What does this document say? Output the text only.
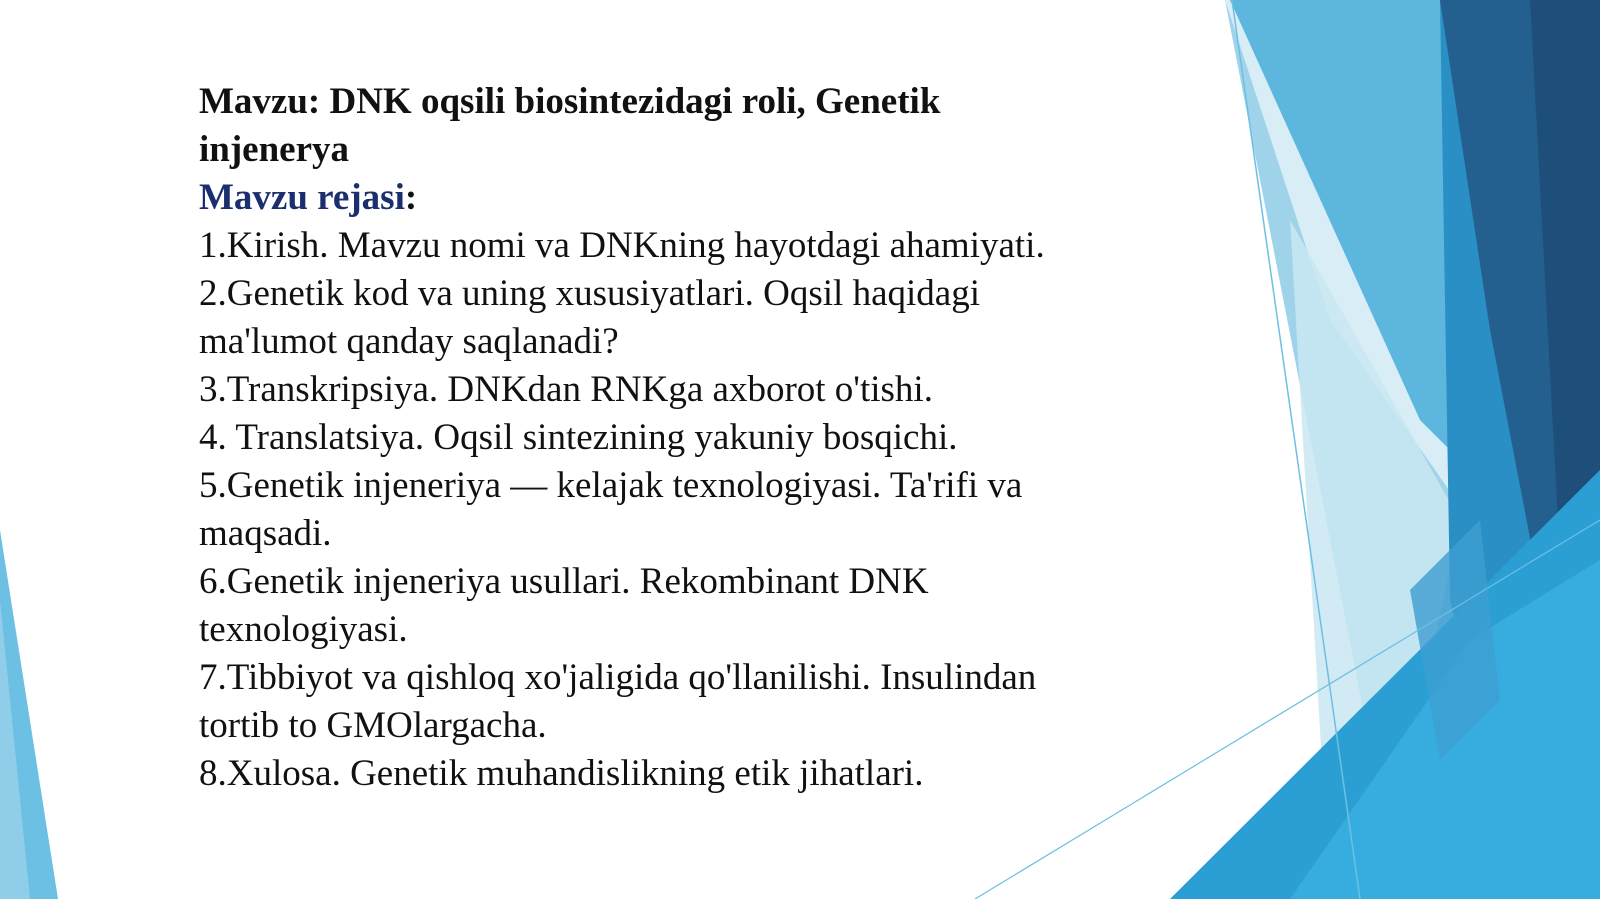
Mavzu: DNK oqsili biosintezidagi roli, Genetik injenerya

Mavzu rejasi:

1.Kirish. Mavzu nomi va DNKning hayotdagi ahamiyati.
2.Genetik kod va uning xususiyatlari. Oqsil haqidagi ma'lumot qanday saqlanadi?
3.Transkripsiya. DNKdan RNKga axborot o'tishi.
4. Translatsiya. Oqsil sintezining yakuniy bosqichi.
5.Genetik injeneriya — kelajak texnologiyasi. Ta'rifi va maqsadi.
6.Genetik injeneriya usullari. Rekombinant DNK texnologiyasi.
7.Tibbiyot va qishloq xo'jaligida qo'llanilishi. Insulindan tortib to GMOlargacha.
8.Xulosa. Genetik muhandislikning etik jihatlari.
